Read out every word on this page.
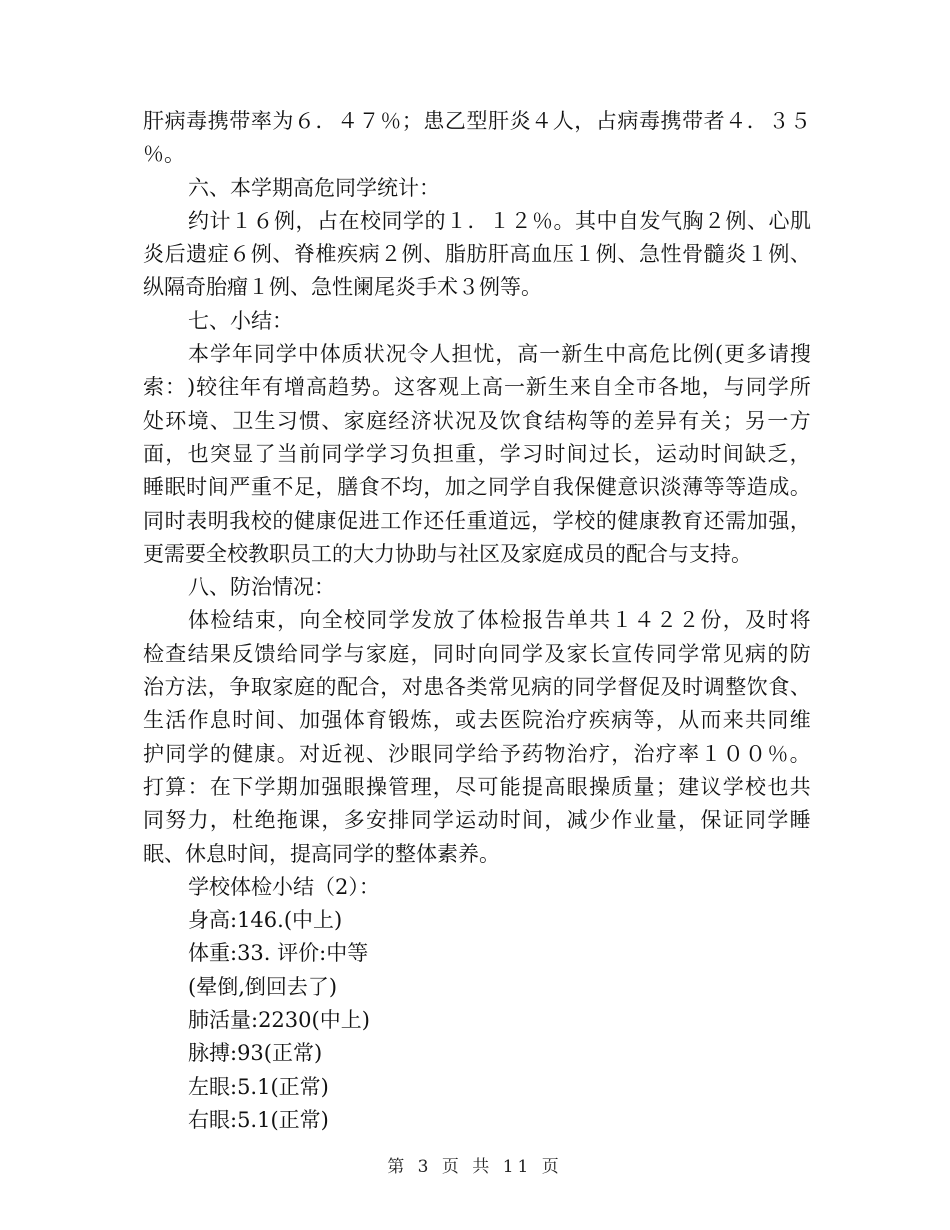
肝 病 毒 携 带 率 为 ６ ． ４ ７ ％ ； 患 乙 型 肝 炎 ４ 人 ， 占 病 毒 携 带 者 ４ ． ３ ５
％。
六、本学期高危同学统计：
约 计 １ ６ 例 ， 占 在 校 同 学 的 １ ． １ ２ ％ 。 其 中 自 发 气 胸 ２ 例 、 心 肌
炎 后 遗 症 ６ 例 、 脊 椎 疾 病 ２ 例 、 脂 肪 肝 高 血 压 １ 例 、 急 性 骨 髓 炎 １ 例 、
纵隔奇胎瘤１例、急性阑尾炎手术３例等。
七、小结：
本 学 年 同 学 中 体 质 状 况 令 人 担 忧 ， 高 一 新 生 中 高 危 比 例 ( 更 多 请 搜
索 ： ) 较 往 年 有 增 高 趋 势 。 这 客 观 上 高 一 新 生 来 自 全 市 各 地 ， 与 同 学 所
处 环 境 、 卫 生 习 惯 、 家 庭 经 济 状 况 及 饮 食 结 构 等 的 差 异 有 关 ； 另 一 方
面 ， 也 突 显 了 当 前 同 学 学 习 负 担 重 ， 学 习 时 间 过 长 ， 运 动 时 间 缺 乏 ，
睡 眠 时 间 严 重 不 足 ， 膳 食 不 均 ， 加 之 同 学 自 我 保 健 意 识 淡 薄 等 等 造 成 。
同 时 表 明 我 校 的 健 康 促 进 工 作 还 任 重 道 远 ， 学 校 的 健 康 教 育 还 需 加 强 ，
更需要全校教职员工的大力协助与社区及家庭成员的配合与支持。
八、防治情况：
体 检 结 束 ， 向 全 校 同 学 发 放 了 体 检 报 告 单 共 １ ４ ２ ２ 份 ， 及 时 将
检 查 结 果 反 馈 给 同 学 与 家 庭 ， 同 时 向 同 学 及 家 长 宣 传 同 学 常 见 病 的 防
治 方 法 ， 争 取 家 庭 的 配 合 ， 对 患 各 类 常 见 病 的 同 学 督 促 及 时 调 整 饮 食 、
生 活 作 息 时 间 、 加 强 体 育 锻 炼 ， 或 去 医 院 治 疗 疾 病 等 ， 从 而 来 共 同 维
护 同 学 的 健 康 。 对 近 视 、 沙 眼 同 学 给 予 药 物 治 疗 ， 治 疗 率 １ ０ ０ ％ 。
打 算 ： 在 下 学 期 加 强 眼 操 管 理 ， 尽 可 能 提 高 眼 操 质 量 ； 建 议 学 校 也 共
同 努 力 ， 杜 绝 拖 课 ， 多 安 排 同 学 运 动 时 间 ， 减 少 作 业 量 ， 保 证 同 学 睡
眠、休息时间，提高同学的整体素养。
学校体检小结（2）：
身高:146.(中上)
体重:33. 评价:中等
(晕倒,倒回去了)
肺活量:2230(中上)
脉搏:93(正常)
左眼:5.1(正常)
右眼:5.1(正常)
第 3 页 共 11 页
